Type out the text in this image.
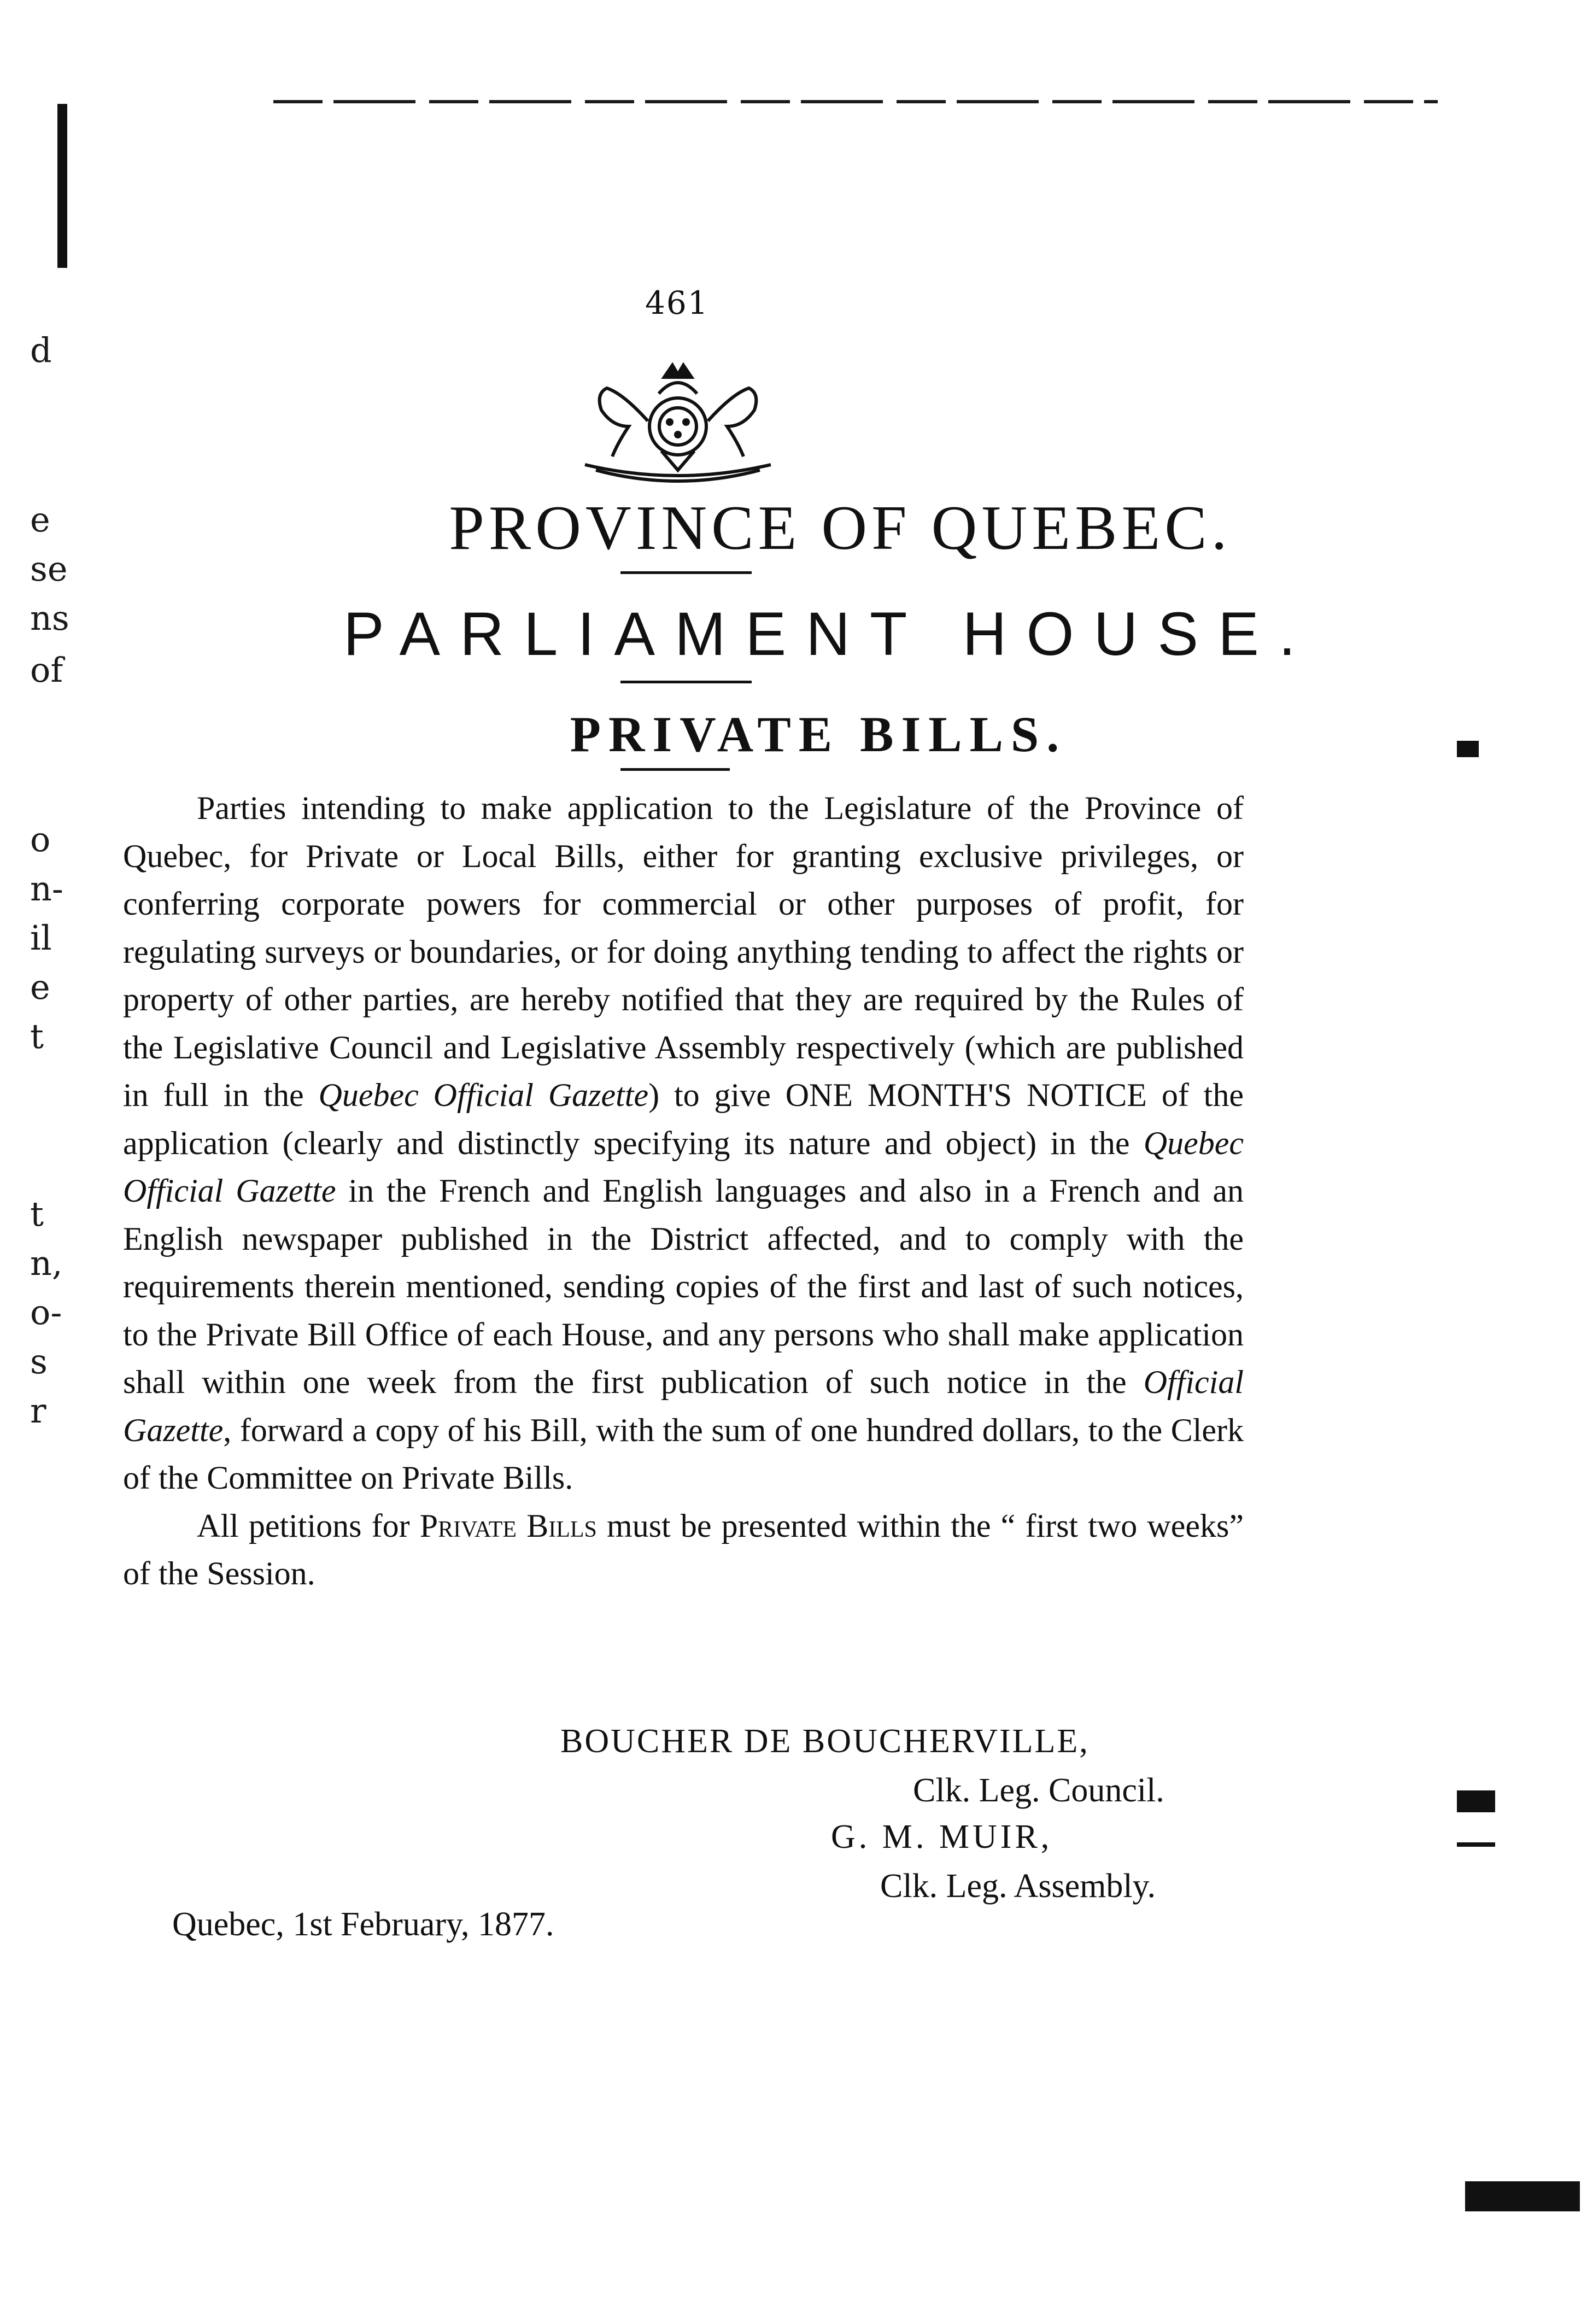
d
e
se
ns
of
o
n-
il
e
t
t
n,
o-
s
r
461
PROVINCE OF QUEBEC.
PARLIAMENT HOUSE.
PRIVATE BILLS.

Parties intending to make application to the Legislature of the Province of Quebec, for Private or Local Bills, either for granting exclusive privileges, or conferring corporate powers for commercial or other purposes of profit, for regulating surveys or boundaries, or for doing anything tending to affect the rights or property of other parties, are hereby notified that they are required by the Rules of the Legislative Council and Legislative Assembly respectively (which are published in full in the Quebec Official Gazette) to give ONE MONTH'S NOTICE of the application (clearly and distinctly specifying its nature and object) in the Quebec Official Gazette in the French and English languages and also in a French and an English newspaper published in the District affected, and to comply with the requirements therein mentioned, sending copies of the first and last of such notices, to the Private Bill Office of each House, and any persons who shall make application shall within one week from the first publication of such notice in the Official Gazette, forward a copy of his Bill, with the sum of one hundred dollars, to the Clerk of the Committee on Private Bills.

All petitions for Private Bills must be presented within the “ first two weeks” of the Session.

BOUCHER DE BOUCHERVILLE,
Clk. Leg. Council.
G. M. MUIR,
Clk. Leg. Assembly.
Quebec, 1st February, 1877.
